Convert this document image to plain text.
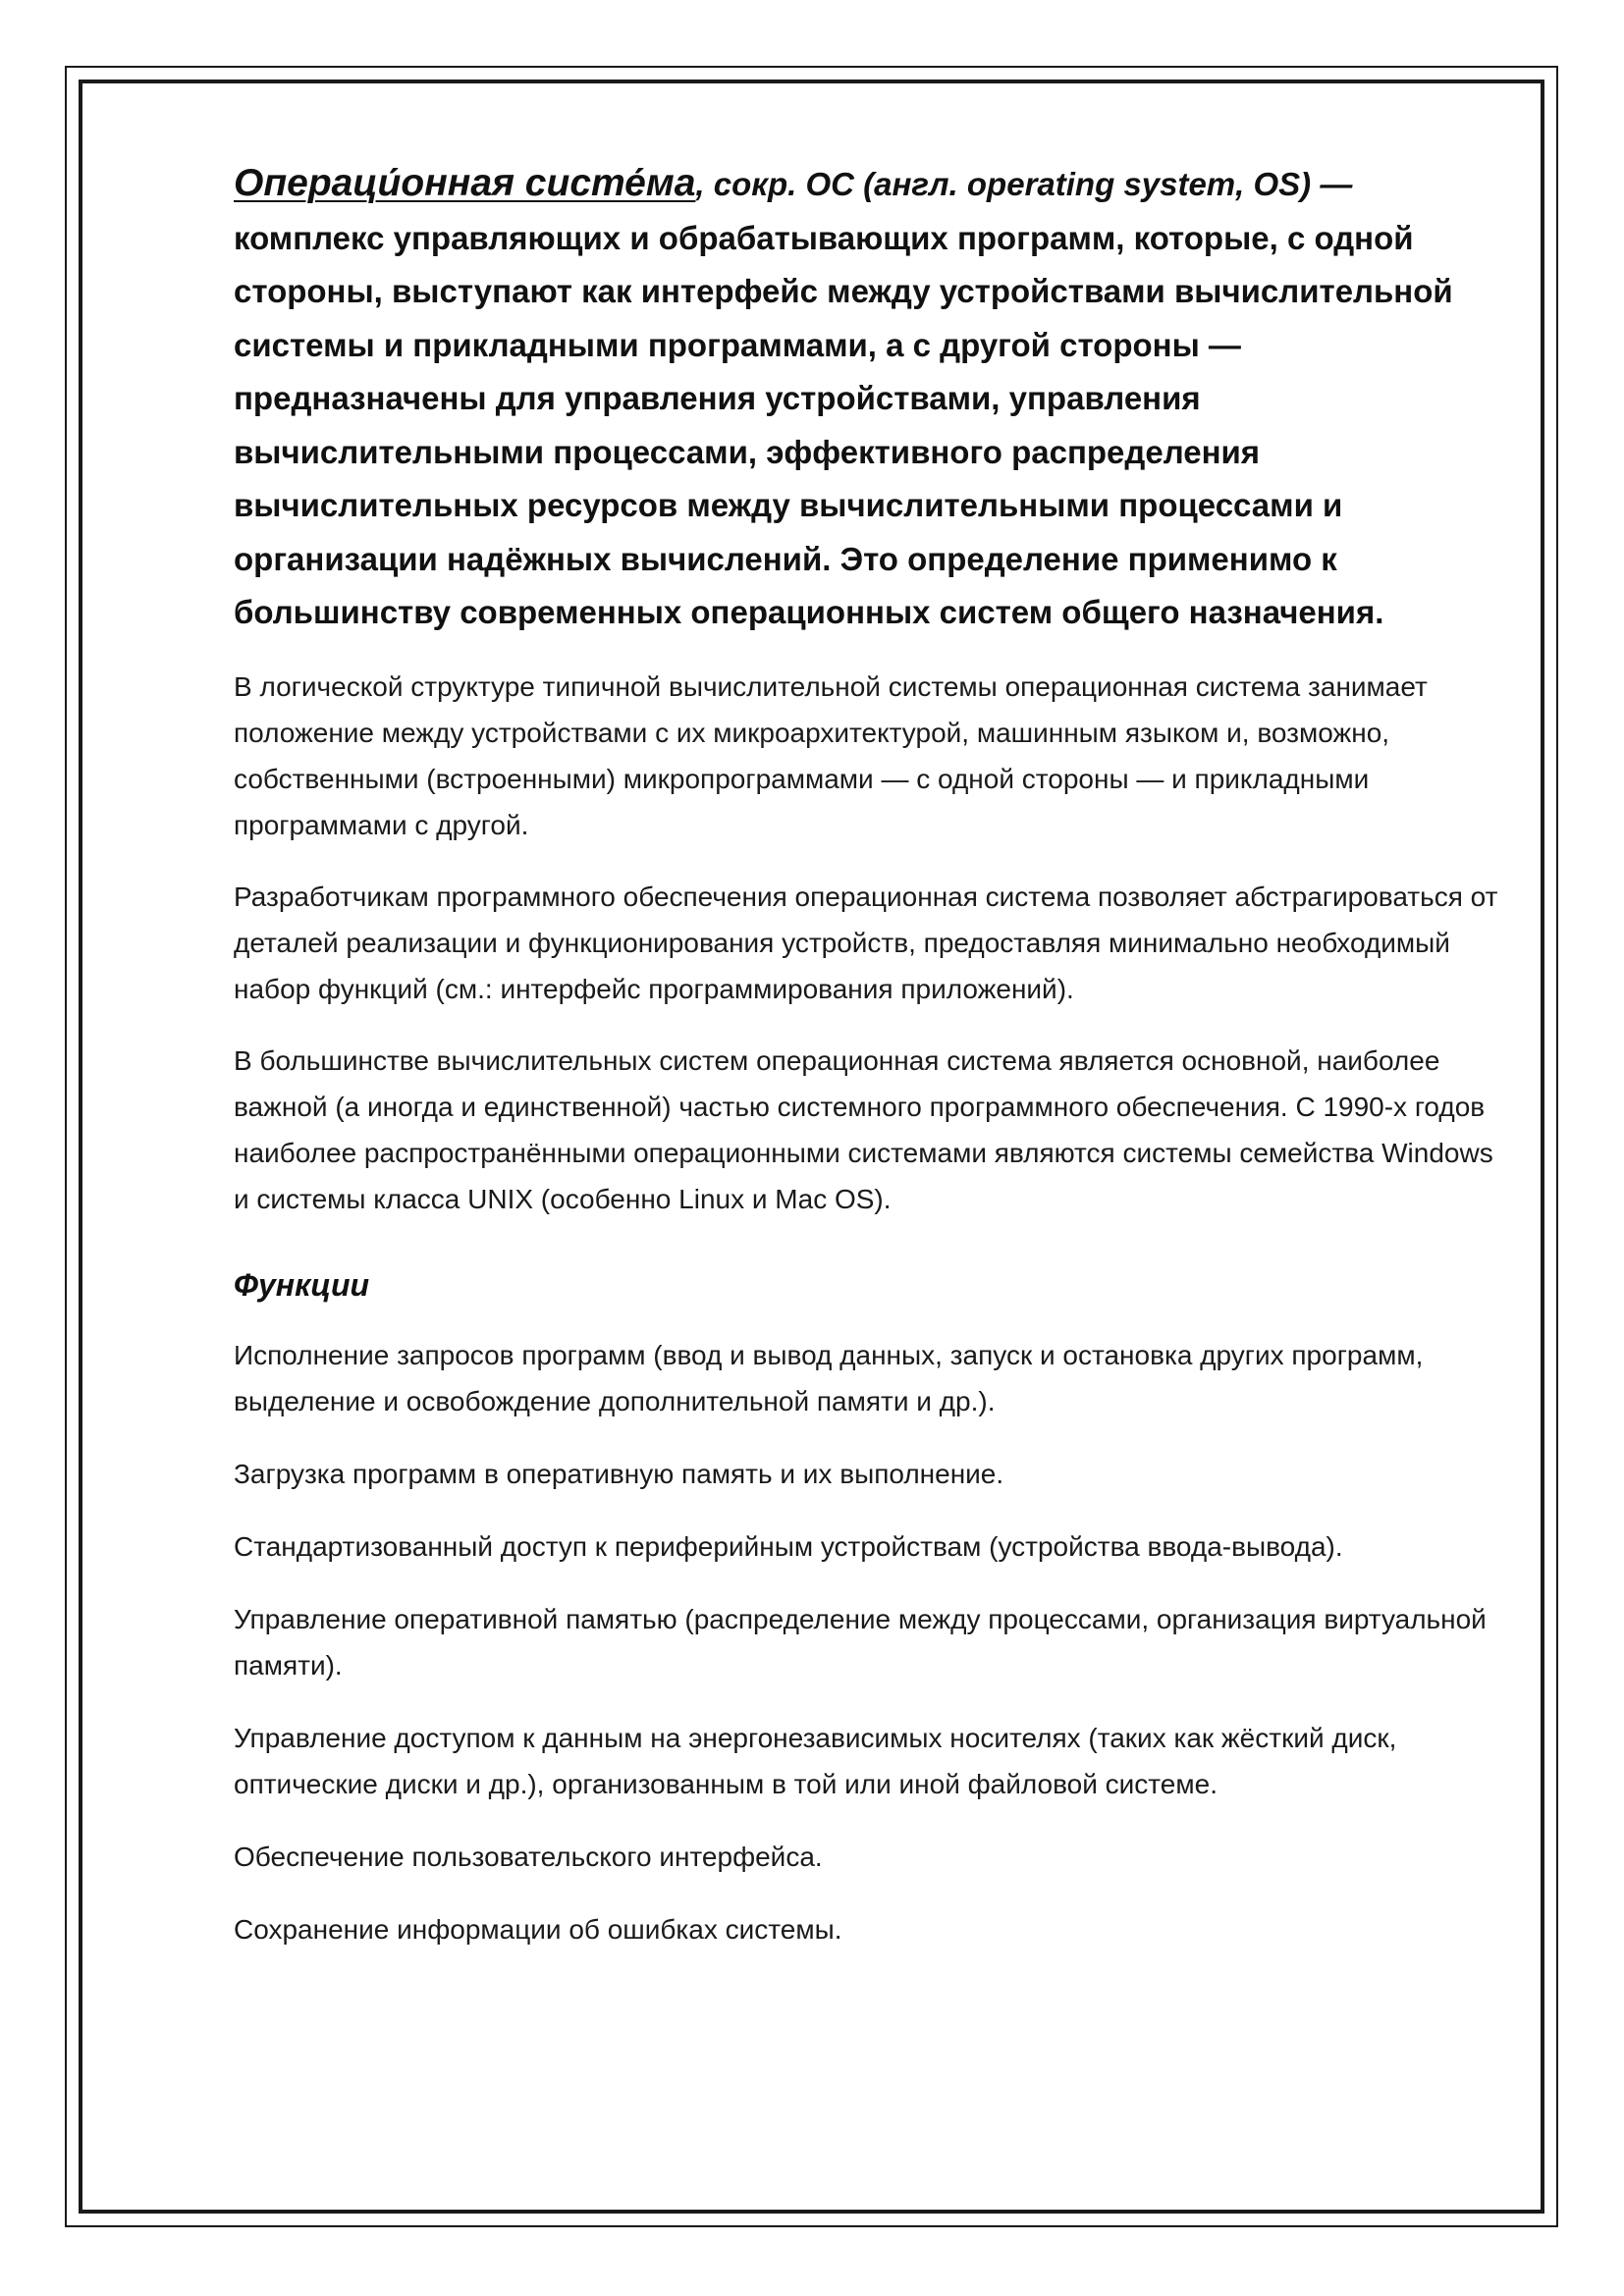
Операци́онная систе́ма, сокр. ОС (англ. operating system, OS) — комплекс управляющих и обрабатывающих программ, которые, с одной стороны, выступают как интерфейс между устройствами вычислительной системы и прикладными программами, а с другой стороны — предназначены для управления устройствами, управления вычислительными процессами, эффективного распределения вычислительных ресурсов между вычислительными процессами и организации надёжных вычислений. Это определение применимо к большинству современных операционных систем общего назначения.

В логической структуре типичной вычислительной системы операционная система занимает положение между устройствами с их микроархитектурой, машинным языком и, возможно, собственными (встроенными) микропрограммами — с одной стороны — и прикладными программами с другой.

Разработчикам программного обеспечения операционная система позволяет абстрагироваться от деталей реализации и функционирования устройств, предоставляя минимально необходимый набор функций (см.: интерфейс программирования приложений).

В большинстве вычислительных систем операционная система является основной, наиболее важной (а иногда и единственной) частью системного программного обеспечения. С 1990-х годов наиболее распространёнными операционными системами являются системы семейства Windows и системы класса UNIX (особенно Linux и Mac OS).

Функции

Исполнение запросов программ (ввод и вывод данных, запуск и остановка других программ, выделение и освобождение дополнительной памяти и др.).

Загрузка программ в оперативную память и их выполнение.

Стандартизованный доступ к периферийным устройствам (устройства ввода-вывода).

Управление оперативной памятью (распределение между процессами, организация виртуальной памяти).

Управление доступом к данным на энергонезависимых носителях (таких как жёсткий диск, оптические диски и др.), организованным в той или иной файловой системе.

Обеспечение пользовательского интерфейса.

Сохранение информации об ошибках системы.
